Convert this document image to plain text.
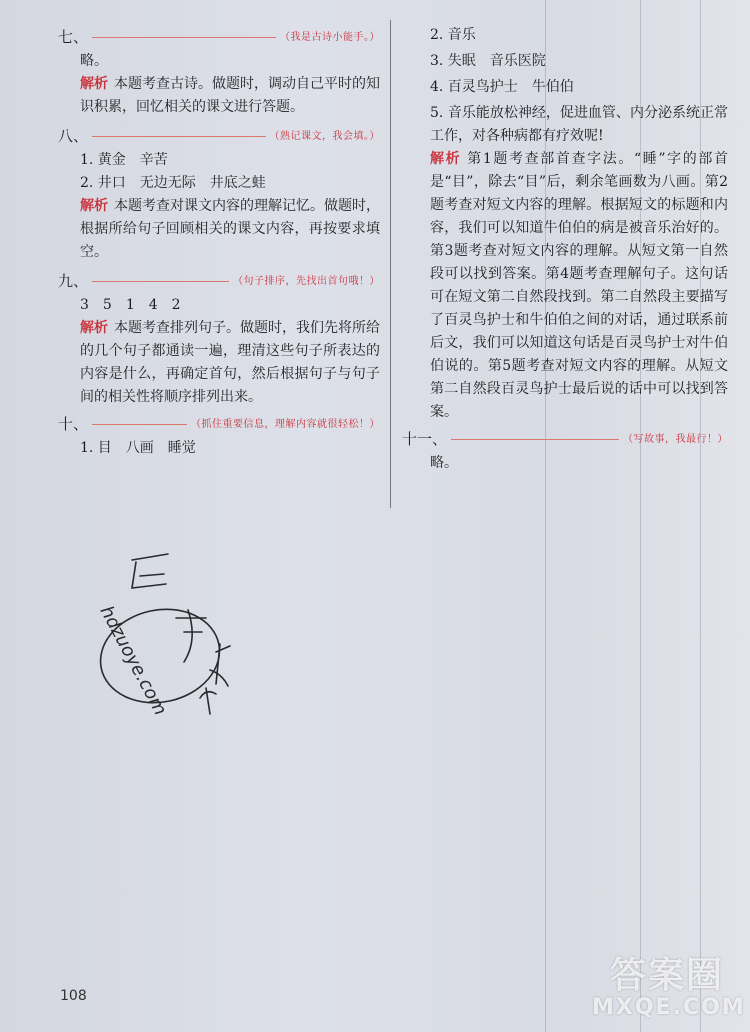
七、	（我是古诗小能手。）
略。
解析 本题考查古诗。做题时，调动自己平时的知识积累，回忆相关的课文进行答题。
八、	（熟记课文，我会填。）
1. 黄金　辛苦
2. 井口　无边无际　井底之蛙
解析 本题考查对课文内容的理解记忆。做题时，根据所给句子回顾相关的课文内容，再按要求填空。
九、	（句子排序，先找出首句哦！）
3　5　1　4　2
解析 本题考查排列句子。做题时，我们先将所给的几个句子都通读一遍，理清这些句子所表达的内容是什么，再确定首句，然后根据句子与句子间的相关性将顺序排列出来。
十、	（抓住重要信息，理解内容就很轻松！）
1. 目　八画　睡觉
2. 音乐
3. 失眠　音乐医院
4. 百灵鸟护士　牛伯伯
5. 音乐能放松神经，促进血管、内分泌系统正常工作，对各种病都有疗效呢!
解析 第1题考查部首查字法。“睡”字的部首是“目”，除去“目”后，剩余笔画数为八画。第2题考查对短文内容的理解。根据短文的标题和内容，我们可以知道牛伯伯的病是被音乐治好的。第3题考查对短文内容的理解。从短文第一自然段可以找到答案。第4题考查理解句子。这句话可在短文第二自然段找到。第二自然段主要描写了百灵鸟护士和牛伯伯之间的对话，通过联系前后文，我们可以知道这句话是百灵鸟护士对牛伯伯说的。第5题考查对短文内容的理解。从短文第二自然段百灵鸟护士最后说的话中可以找到答案。
十一、	（写故事，我最行！）
略。
hdzuoye.com
108	答案圈
MXQE.COM
